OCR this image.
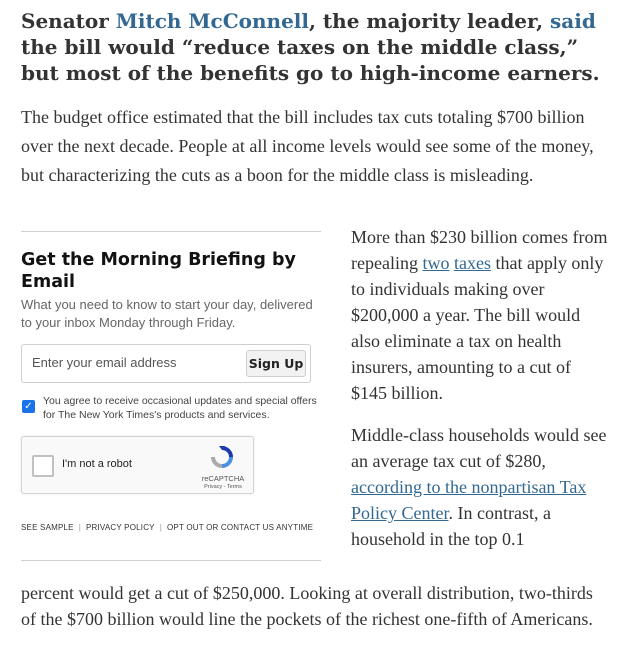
Senator Mitch McConnell, the majority leader, said the bill would “reduce taxes on the middle class,” but most of the benefits go to high-income earners.

The budget office estimated that the bill includes tax cuts totaling $700 billion over the next decade. People at all income levels would see some of the money, but characterizing the cuts as a boon for the middle class is misleading.

Get the Morning Briefing by Email
What you need to know to start your day, delivered to your inbox Monday through Friday.
Enter your email address
Sign Up
✓ You agree to receive occasional updates and special offers for The New York Times's products and services.
I'm not a robot
reCAPTCHA
Privacy - Terms
SEE SAMPLE | PRIVACY POLICY | OPT OUT OR CONTACT US ANYTIME

More than $230 billion comes from repealing two taxes that apply only to individuals making over $200,000 a year. The bill would also eliminate a tax on health insurers, amounting to a cut of $145 billion.

Middle-class households would see an average tax cut of $280, according to the nonpartisan Tax Policy Center. In contrast, a household in the top 0.1

percent would get a cut of $250,000. Looking at overall distribution, two-thirds of the $700 billion would line the pockets of the richest one-fifth of Americans.
